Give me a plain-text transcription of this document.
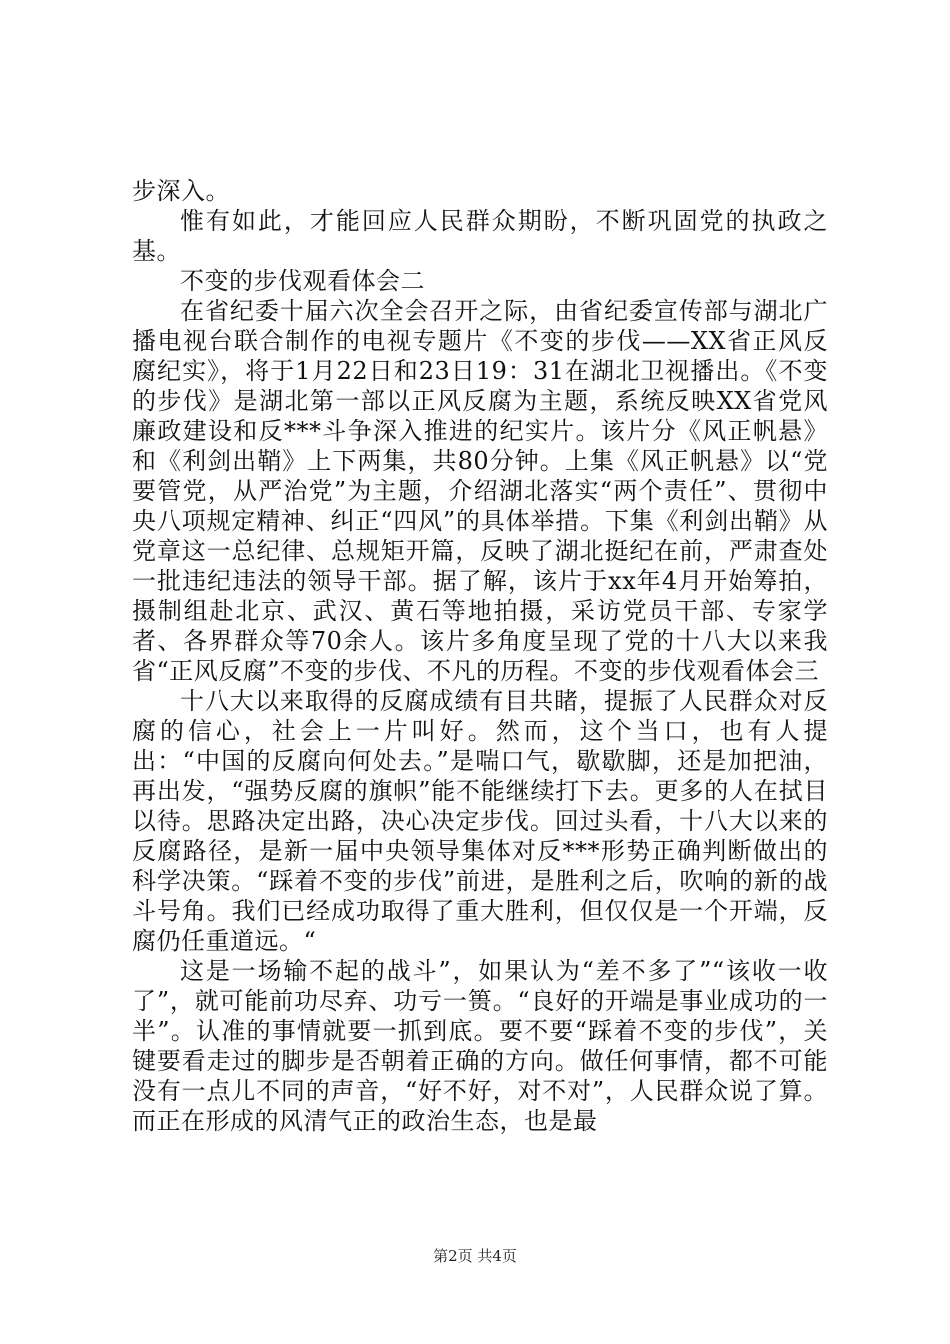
步深入。

惟有如此，才能回应人民群众期盼，不断巩固党的执政之基。

不变的步伐观看体会二

在省纪委十届六次全会召开之际，由省纪委宣传部与湖北广播电视台联合制作的电视专题片《不变的步伐——XX省正风反腐纪实》，将于1月22日和23日19：31在湖北卫视播出。《不变的步伐》是湖北第一部以正风反腐为主题，系统反映XX省党风廉政建设和反***斗争深入推进的纪实片。该片分《风正帆悬》和《利剑出鞘》上下两集，共80分钟。上集《风正帆悬》以“党要管党，从严治党”为主题，介绍湖北落实“两个责任”、贯彻中央八项规定精神、纠正“四风”的具体举措。下集《利剑出鞘》从党章这一总纪律、总规矩开篇，反映了湖北挺纪在前，严肃查处一批违纪违法的领导干部。据了解，该片于xx年4月开始筹拍，摄制组赴北京、武汉、黄石等地拍摄，采访党员干部、专家学者、各界群众等70余人。该片多角度呈现了党的十八大以来我省“正风反腐”不变的步伐、不凡的历程。不变的步伐观看体会三

十八大以来取得的反腐成绩有目共睹，提振了人民群众对反腐的信心，社会上一片叫好。然而，这个当口，也有人提出：“中国的反腐向何处去。”是喘口气，歇歇脚，还是加把油，再出发，“强势反腐的旗帜”能不能继续打下去。更多的人在拭目以待。思路决定出路，决心决定步伐。回过头看，十八大以来的反腐路径，是新一届中央领导集体对反***形势正确判断做出的科学决策。“踩着不变的步伐”前进，是胜利之后，吹响的新的战斗号角。我们已经成功取得了重大胜利，但仅仅是一个开端，反腐仍任重道远。“

这是一场输不起的战斗”，如果认为“差不多了”“该收一收了”，就可能前功尽弃、功亏一篑。“良好的开端是事业成功的一半”。认准的事情就要一抓到底。要不要“踩着不变的步伐”，关键要看走过的脚步是否朝着正确的方向。做任何事情，都不可能没有一点儿不同的声音，“好不好，对不对”，人民群众说了算。而正在形成的风清气正的政治生态，也是最

第2页 共4页
